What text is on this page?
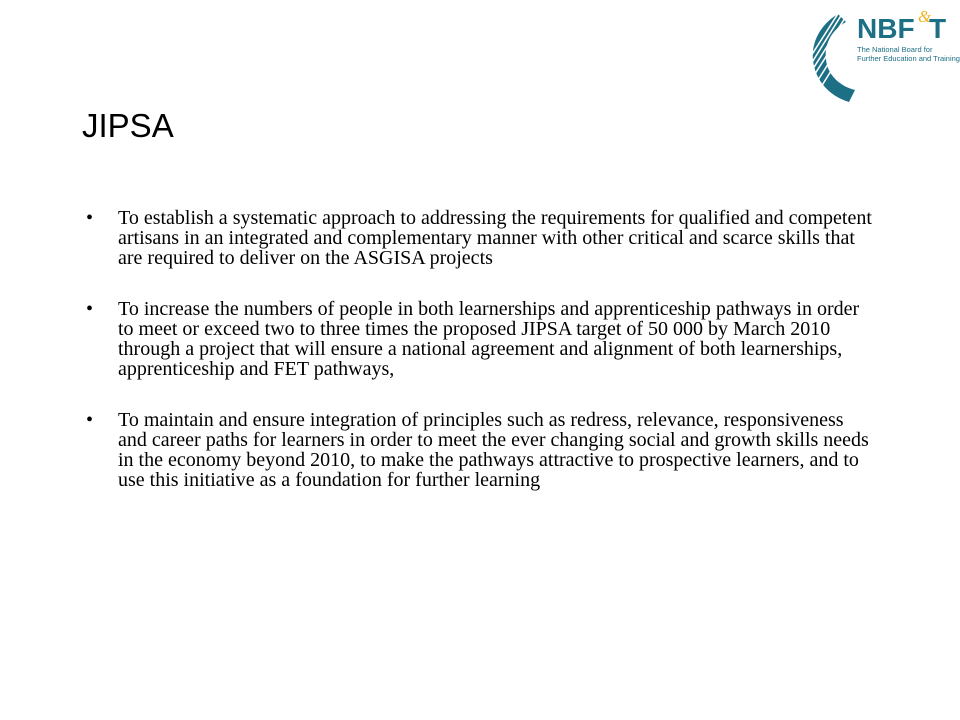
NBF &
T
The National Board for
Further Education and Training
JIPSA
• To establish a systematic approach to addressing the requirements for qualified and competent artisans in an integrated and complementary manner with other critical and scarce skills that are required to deliver on the ASGISA projects
• To increase the numbers of people in both learnerships and apprenticeship pathways in order to meet or exceed two to three times the proposed JIPSA target of 50 000 by March 2010 through a project that will ensure a national agreement and alignment of both learnerships, apprenticeship and FET pathways,
• To maintain and ensure integration of principles such as redress, relevance, responsiveness and career paths for learners in order to meet the ever changing social and growth skills needs in the economy beyond 2010, to make the pathways attractive to prospective learners, and to use this initiative as a foundation for further learning
